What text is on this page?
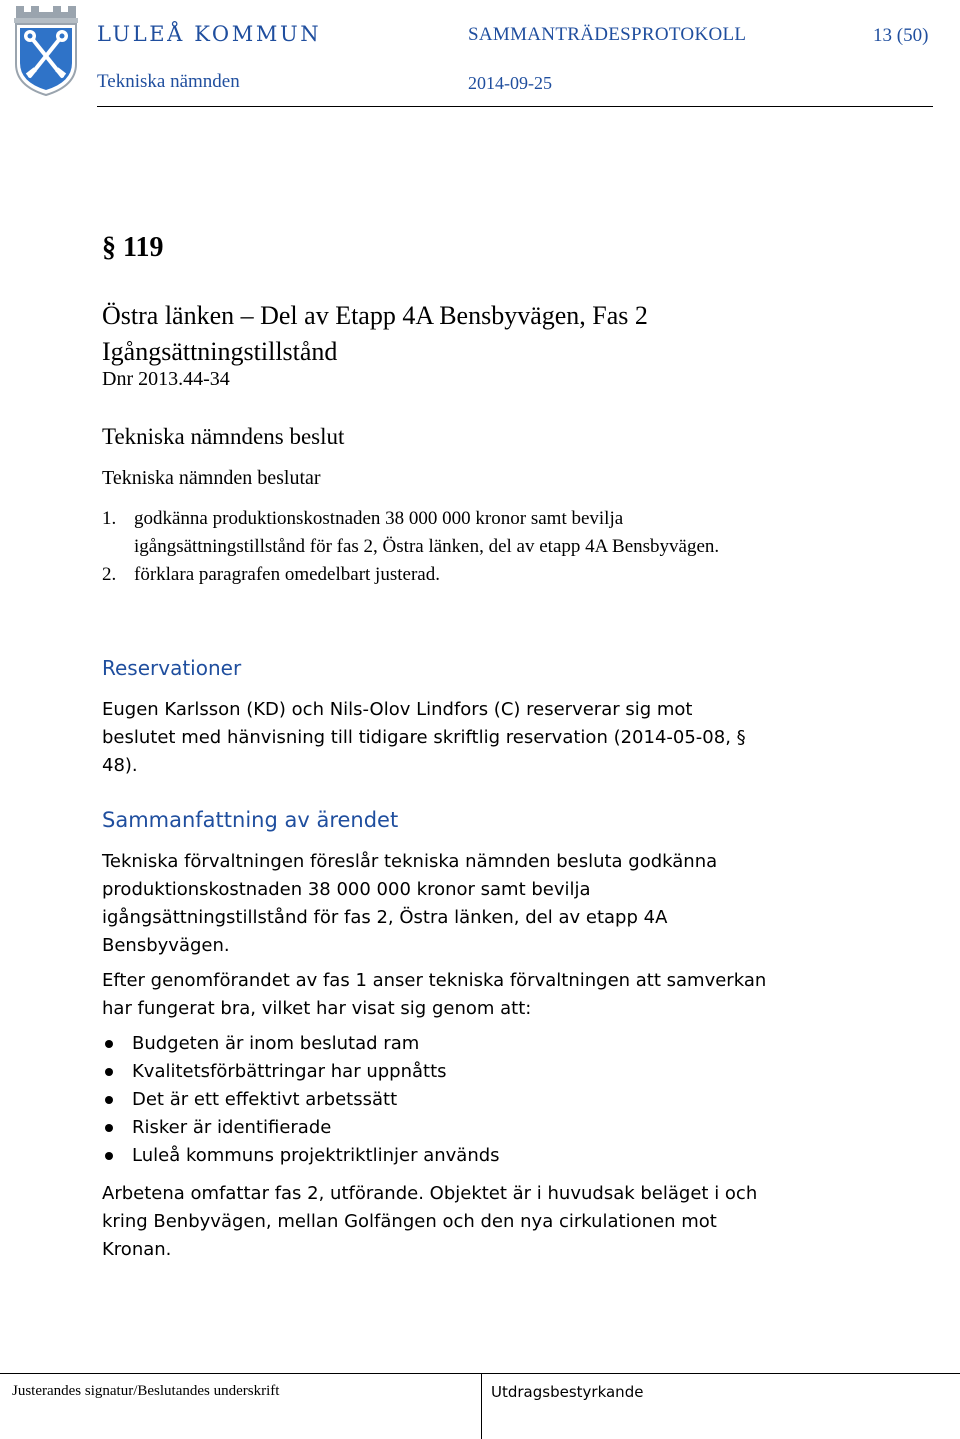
LULEÅ KOMMUN	SAMMANTRÄDESPROTOKOLL	13 (50)
Tekniska nämnden	2014-09-25
§ 119
Östra länken – Del av Etapp 4A Bensbyvägen, Fas 2
Igångsättningstillstånd
Dnr 2013.44-34
Tekniska nämndens beslut
Tekniska nämnden beslutar
1. godkänna produktionskostnaden 38 000 000 kronor samt bevilja igångsättningstillstånd för fas 2, Östra länken, del av etapp 4A Bensbyvägen.
2. förklara paragrafen omedelbart justerad.
Reservationer
Eugen Karlsson (KD) och Nils-Olov Lindfors (C) reserverar sig mot beslutet med hänvisning till tidigare skriftlig reservation (2014-05-08, § 48).
Sammanfattning av ärendet
Tekniska förvaltningen föreslår tekniska nämnden besluta godkänna produktionskostnaden 38 000 000 kronor samt bevilja igångsättningstillstånd för fas 2, Östra länken, del av etapp 4A Bensbyvägen.
Efter genomförandet av fas 1 anser tekniska förvaltningen att samverkan har fungerat bra, vilket har visat sig genom att:
Budgeten är inom beslutad ram
Kvalitetsförbättringar har uppnåtts
Det är ett effektivt arbetssätt
Risker är identifierade
Luleå kommuns projektriktlinjer används
Arbetena omfattar fas 2, utförande. Objektet är i huvudsak beläget i och kring Benbyvägen, mellan Golfängen och den nya cirkulationen mot Kronan.
Justerandes signatur/Beslutandes underskrift	Utdragsbestyrkande
